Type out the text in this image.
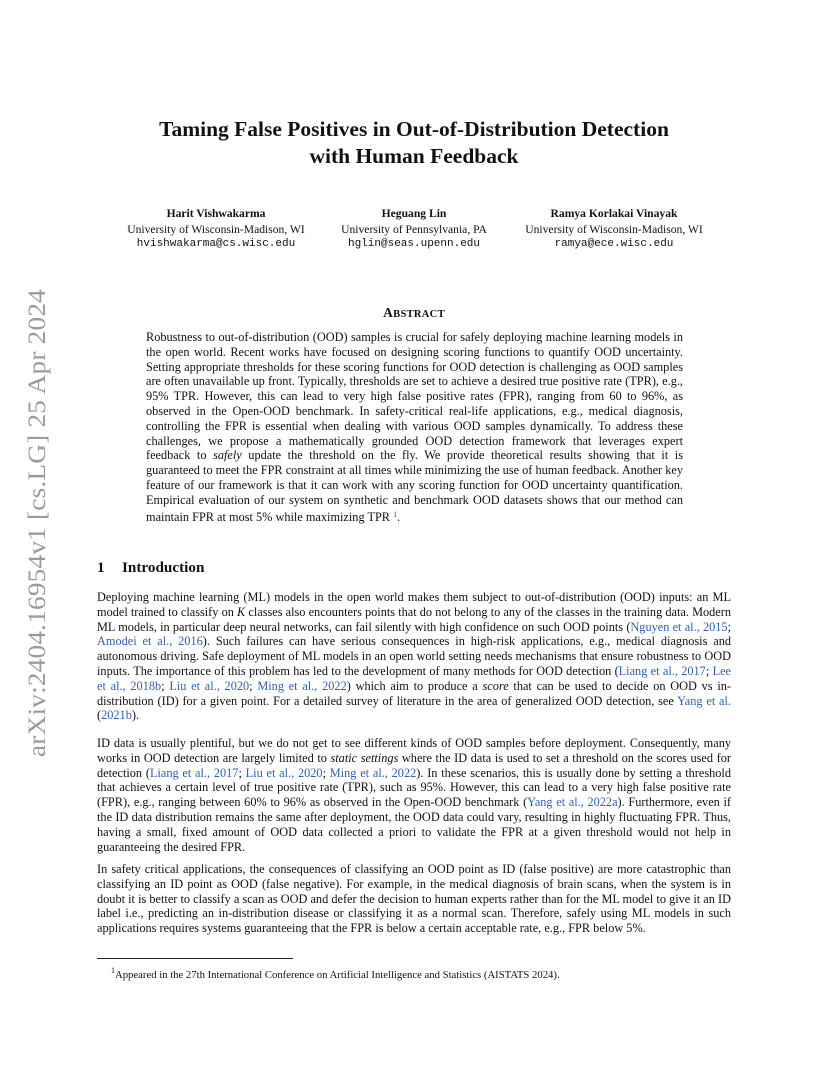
arXiv:2404.16954v1 [cs.LG] 25 Apr 2024
Taming False Positives in Out-of-Distribution Detection
with Human Feedback
Harit Vishwakarma
University of Wisconsin-Madison, WI
hvishwakarma@cs.wisc.edu
Heguang Lin
University of Pennsylvania, PA
hglin@seas.upenn.edu
Ramya Korlakai Vinayak
University of Wisconsin-Madison, WI
ramya@ece.wisc.edu
ABSTRACT
Robustness to out-of-distribution (OOD) samples is crucial for safely deploying machine learning models in the open world. Recent works have focused on designing scoring functions to quantify OOD uncertainty. Setting appropriate thresholds for these scoring functions for OOD detection is challenging as OOD samples are often unavailable up front. Typically, thresholds are set to achieve a desired true positive rate (TPR), e.g., 95% TPR. However, this can lead to very high false positive rates (FPR), ranging from 60 to 96%, as observed in the Open-OOD benchmark. In safety-critical real-life applications, e.g., medical diagnosis, controlling the FPR is essential when dealing with various OOD samples dynamically. To address these challenges, we propose a mathematically grounded OOD detection framework that leverages expert feedback to safely update the threshold on the fly. We provide theoretical results showing that it is guaranteed to meet the FPR constraint at all times while minimizing the use of human feedback. Another key feature of our framework is that it can work with any scoring function for OOD uncertainty quantification. Empirical evaluation of our system on synthetic and benchmark OOD datasets shows that our method can maintain FPR at most 5% while maximizing TPR $^1$.
1 Introduction
Deploying machine learning (ML) models in the open world makes them subject to out-of-distribution (OOD) inputs: an ML model trained to classify on K classes also encounters points that do not belong to any of the classes in the training data. Modern ML models, in particular deep neural networks, can fail silently with high confidence on such OOD points (Nguyen et al., 2015; Amodei et al., 2016). Such failures can have serious consequences in high-risk applications, e.g., medical diagnosis and autonomous driving. Safe deployment of ML models in an open world setting needs mechanisms that ensure robustness to OOD inputs. The importance of this problem has led to the development of many methods for OOD detection (Liang et al., 2017; Lee et al., 2018b; Liu et al., 2020; Ming et al., 2022) which aim to produce a score that can be used to decide on OOD vs in-distribution (ID) for a given point. For a detailed survey of literature in the area of generalized OOD detection, see Yang et al. (2021b).
ID data is usually plentiful, but we do not get to see different kinds of OOD samples before deployment. Consequently, many works in OOD detection are largely limited to static settings where the ID data is used to set a threshold on the scores used for detection (Liang et al., 2017; Liu et al., 2020; Ming et al., 2022). In these scenarios, this is usually done by setting a threshold that achieves a certain level of true positive rate (TPR), such as 95%. However, this can lead to a very high false positive rate (FPR), e.g., ranging between 60% to 96% as observed in the Open-OOD benchmark (Yang et al., 2022a). Furthermore, even if the ID data distribution remains the same after deployment, the OOD data could vary, resulting in highly fluctuating FPR. Thus, having a small, fixed amount of OOD data collected a priori to validate the FPR at a given threshold would not help in guaranteeing the desired FPR.
In safety critical applications, the consequences of classifying an OOD point as ID (false positive) are more catastrophic than classifying an ID point as OOD (false negative). For example, in the medical diagnosis of brain scans, when the system is in doubt it is better to classify a scan as OOD and defer the decision to human experts rather than for the ML model to give it an ID label i.e., predicting an in-distribution disease or classifying it as a normal scan. Therefore, safely using ML models in such applications requires systems guaranteeing that the FPR is below a certain acceptable rate, e.g., FPR below 5%.
$^1$Appeared in the 27th International Conference on Artificial Intelligence and Statistics (AISTATS 2024).
